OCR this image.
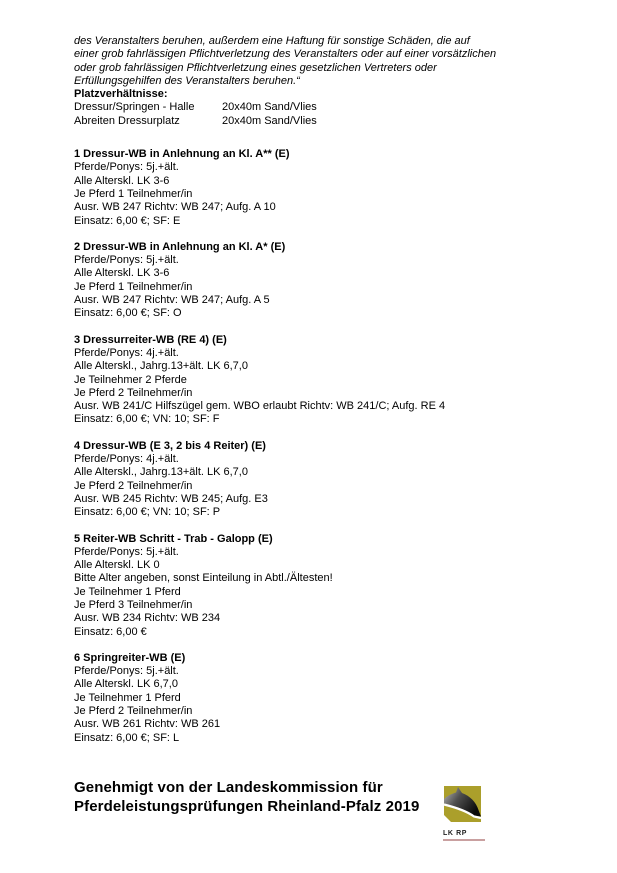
des Veranstalters beruhen, außerdem eine Haftung für sonstige Schäden, die auf
einer grob fahrlässigen Pflichtverletzung des Veranstalters oder auf einer vorsätzlichen
oder grob fahrlässigen Pflichtverletzung eines gesetzlichen Vertreters oder
Erfüllungsgehilfen des Veranstalters beruhen.“
Platzverhältnisse:
Dressur/Springen - Halle	20x40m Sand/Vlies
Abreiten Dressurplatz	20x40m Sand/Vlies
1 Dressur-WB in Anlehnung an Kl. A** (E)
Pferde/Ponys: 5j.+ält.
Alle Alterskl. LK 3-6
Je Pferd 1 Teilnehmer/in
Ausr. WB 247 Richtv: WB 247; Aufg. A 10
Einsatz: 6,00 €; SF: E
2 Dressur-WB in Anlehnung an Kl. A* (E)
Pferde/Ponys: 5j.+ält.
Alle Alterskl. LK 3-6
Je Pferd 1 Teilnehmer/in
Ausr. WB 247 Richtv: WB 247; Aufg. A 5
Einsatz: 6,00 €; SF: O
3 Dressurreiter-WB (RE 4) (E)
Pferde/Ponys: 4j.+ält.
Alle Alterskl., Jahrg.13+ält. LK 6,7,0
Je Teilnehmer 2 Pferde
Je Pferd 2 Teilnehmer/in
Ausr. WB 241/C Hilfszügel gem. WBO erlaubt Richtv: WB 241/C; Aufg. RE 4
Einsatz: 6,00 €; VN: 10; SF: F
4 Dressur-WB (E 3, 2 bis 4 Reiter) (E)
Pferde/Ponys: 4j.+ält.
Alle Alterskl., Jahrg.13+ält. LK 6,7,0
Je Pferd 2 Teilnehmer/in
Ausr. WB 245 Richtv: WB 245; Aufg. E3
Einsatz: 6,00 €; VN: 10; SF: P
5 Reiter-WB Schritt - Trab - Galopp (E)
Pferde/Ponys: 5j.+ält.
Alle Alterskl. LK 0
Bitte Alter angeben, sonst Einteilung in Abtl./Ältesten!
Je Teilnehmer 1 Pferd
Je Pferd 3 Teilnehmer/in
Ausr. WB 234 Richtv: WB 234
Einsatz: 6,00 €
6 Springreiter-WB (E)
Pferde/Ponys: 5j.+ält.
Alle Alterskl. LK 6,7,0
Je Teilnehmer 1 Pferd
Je Pferd 2 Teilnehmer/in
Ausr. WB 261 Richtv: WB 261
Einsatz: 6,00 €; SF: L
Genehmigt von der Landeskommission für
Pferdeleistungsprüfungen Rheinland-Pfalz 2019
LK RP
